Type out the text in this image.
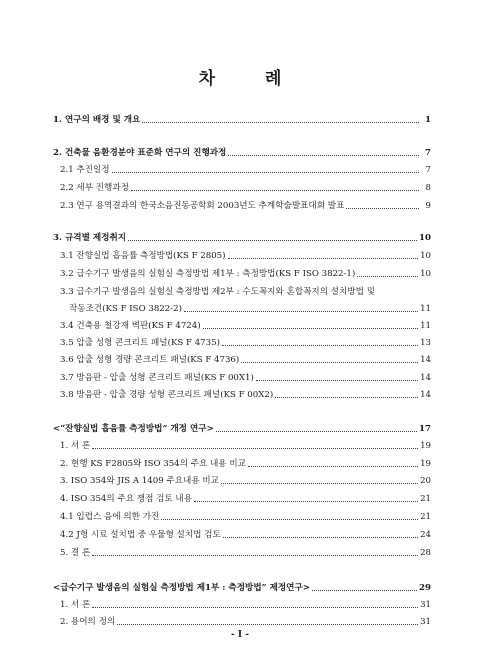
차 례
1. 연구의 배경 및 개요	1
2. 건축물 음환경분야 표준화 연구의 진행과정	7
2.1 추진일정	7
2.2 세부 진행과정	8
2.3 연구 용역결과의 한국소음진동공학회 2003년도 추계학술발표대회 발표	9
3. 규격별 제정취지	10
3.1 잔향실법 흡음률 측정방법(KS F 2805)	10
3.2 급수기구 발생음의 실험실 측정방법 제1부 : 측정방법(KS F ISO 3822-1)	10
3.3 급수기구 발생음의 실험실 측정방법 제2부 : 수도꼭지와 혼합꼭지의 설치방법 및
작동조건(KS F ISO 3822-2)	11
3.4 건축용 철강재 벽판(KS F 4724)	11
3.5 압출 성형 콘크리트 패널(KS F 4735)	13
3.6 압출 성형 경량 콘크리트 패널(KS F 4736)	14
3.7 방음판 - 압출 성형 콘크리트 패널(KS F 00X1)	14
3.8 방음판 - 압출 경량 성형 콘크리트 패널(KS F 00X2)	14
<“잔향실법 흡음률 측정방법” 개정 연구>	17
1. 서 론	19
2. 현행 KS F2805와 ISO 354의 주요 내용 비교	19
3. ISO 354와 JIS A 1409 주요내용 비교	20
4. ISO 354의 주요 쟁점 검토 내용	21
4.1 입렵스 음에 의한 가진	21
4.2 J형 시료 설치법 중 우물형 설치법 검토	24
5. 결 론	28
<급수기구 발생음의 실험실 측정방법 제1부 : 측정방법” 제정연구>	29
1. 서 론	31
2. 용어의 정의	31
- I -
